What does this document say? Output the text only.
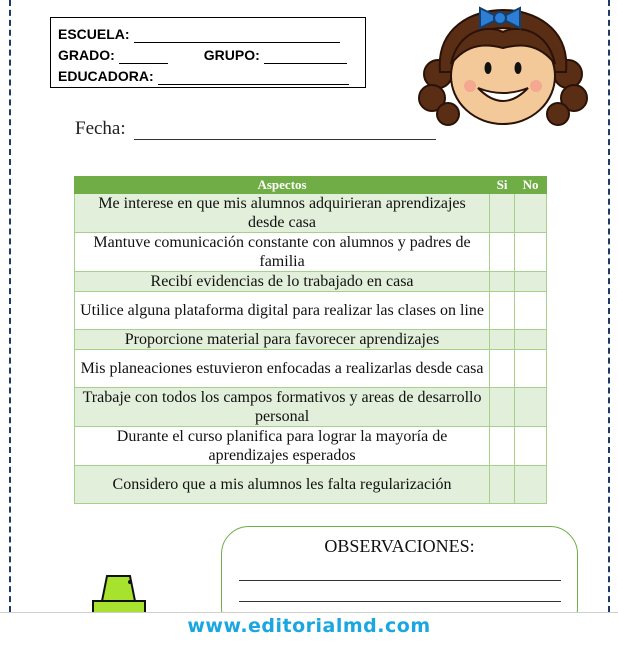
ESCUELA:
GRADO:	GRUPO:
EDUCADORA:
Fecha:
Aspectos	Si	No
Me interese en que mis alumnos adquirieran aprendizajes desde casa		
Mantuve comunicación constante con alumnos y padres de familia		
Recibí evidencias de lo trabajado en casa		
Utilice alguna plataforma digital para realizar las clases on line		
Proporcione material para favorecer aprendizajes		
Mis planeaciones estuvieron enfocadas a realizarlas desde casa		
Trabaje con todos los campos formativos y areas de desarrollo personal		
Durante el curso planifica para lograr la mayoría de aprendizajes esperados		
Considero que a mis alumnos les falta regularización		
OBSERVACIONES:
www.editorialmd.com
